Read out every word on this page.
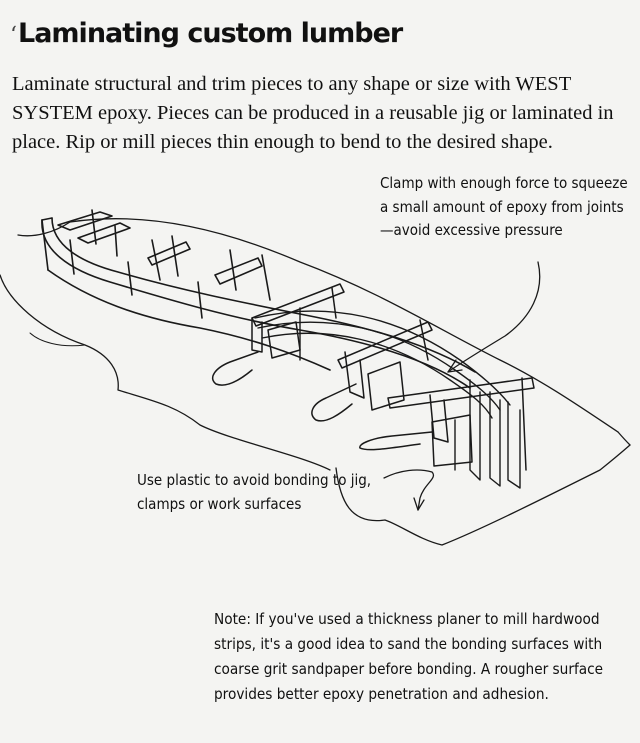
‘Laminating custom lumber

Laminate structural and trim pieces to any shape or size with WEST SYSTEM epoxy. Pieces can be produced in a reusable jig or laminated in place. Rip or mill pieces thin enough to bend to the desired shape.

Clamp with enough force to squeeze a small amount of epoxy from joints—avoid excessive pressure

Use plastic to avoid bonding to jig, clamps or work surfaces

Note: If you've used a thickness planer to mill hardwood strips, it's a good idea to sand the bonding surfaces with coarse grit sandpaper before bonding. A rougher surface provides better epoxy penetration and adhesion.
